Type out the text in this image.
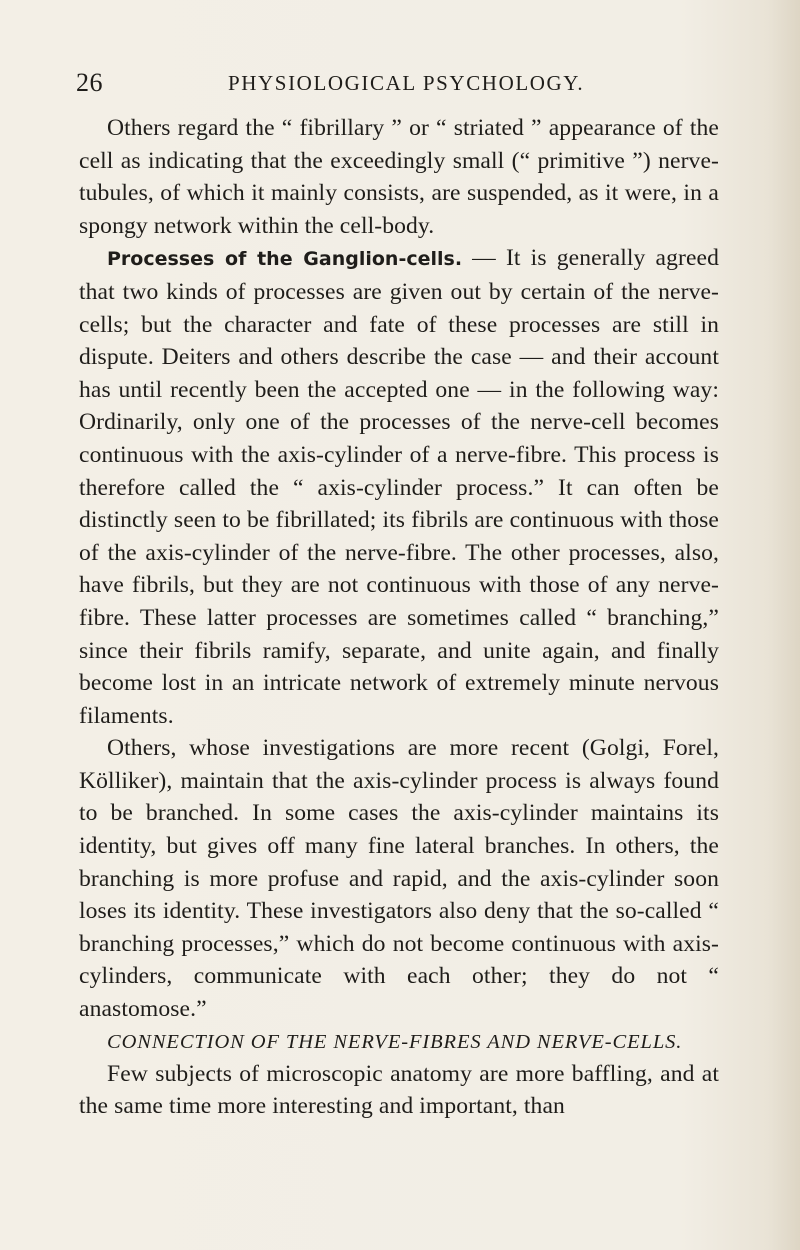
26	PHYSIOLOGICAL PSYCHOLOGY.

Others regard the “ fibrillary ” or “ striated ” appearance of the cell as indicating that the exceedingly small (“ primitive ”) nerve-tubules, of which it mainly consists, are suspended, as it were, in a spongy network within the cell-body.

Processes of the Ganglion-cells. — It is generally agreed that two kinds of processes are given out by certain of the nerve-cells; but the character and fate of these processes are still in dispute. Deiters and others describe the case — and their account has until recently been the accepted one — in the following way: Ordinarily, only one of the processes of the nerve-cell becomes continuous with the axis-cylinder of a nerve-fibre. This process is therefore called the “ axis-cylinder process.” It can often be distinctly seen to be fibrillated; its fibrils are continuous with those of the axis-cylinder of the nerve-fibre. The other processes, also, have fibrils, but they are not continuous with those of any nerve-fibre. These latter processes are sometimes called “ branching,” since their fibrils ramify, separate, and unite again, and finally become lost in an intricate network of extremely minute nervous filaments.

Others, whose investigations are more recent (Golgi, Forel, Kölliker), maintain that the axis-cylinder process is always found to be branched. In some cases the axis-cylinder maintains its identity, but gives off many fine lateral branches. In others, the branching is more profuse and rapid, and the axis-cylinder soon loses its identity. These investigators also deny that the so-called “ branching processes,” which do not become continuous with axis-cylinders, communicate with each other; they do not “ anastomose.”

CONNECTION OF THE NERVE-FIBRES AND NERVE-CELLS.

Few subjects of microscopic anatomy are more baffling, and at the same time more interesting and important, than
